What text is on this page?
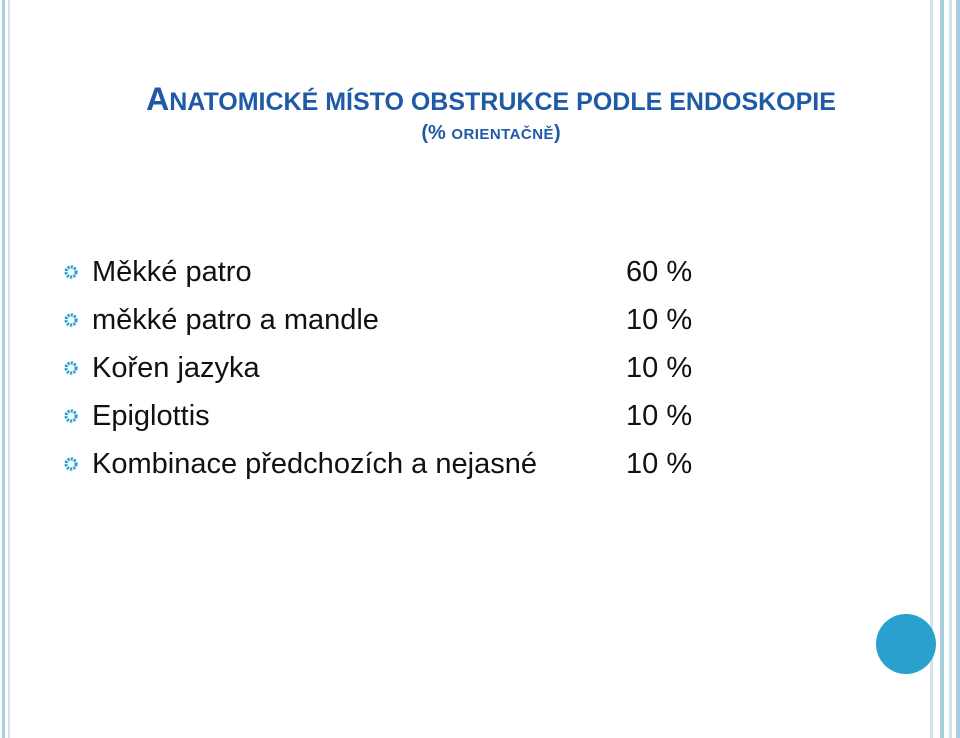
ANATOMICKÉ MÍSTO OBSTRUKCE PODLE ENDOSKOPIE
(% ORIENTAČNĚ)
Měkké patro	60 %
měkké patro a mandle	10 %
Kořen jazyka	10 %
Epiglottis	10 %
Kombinace předchozích a nejasné	10 %
